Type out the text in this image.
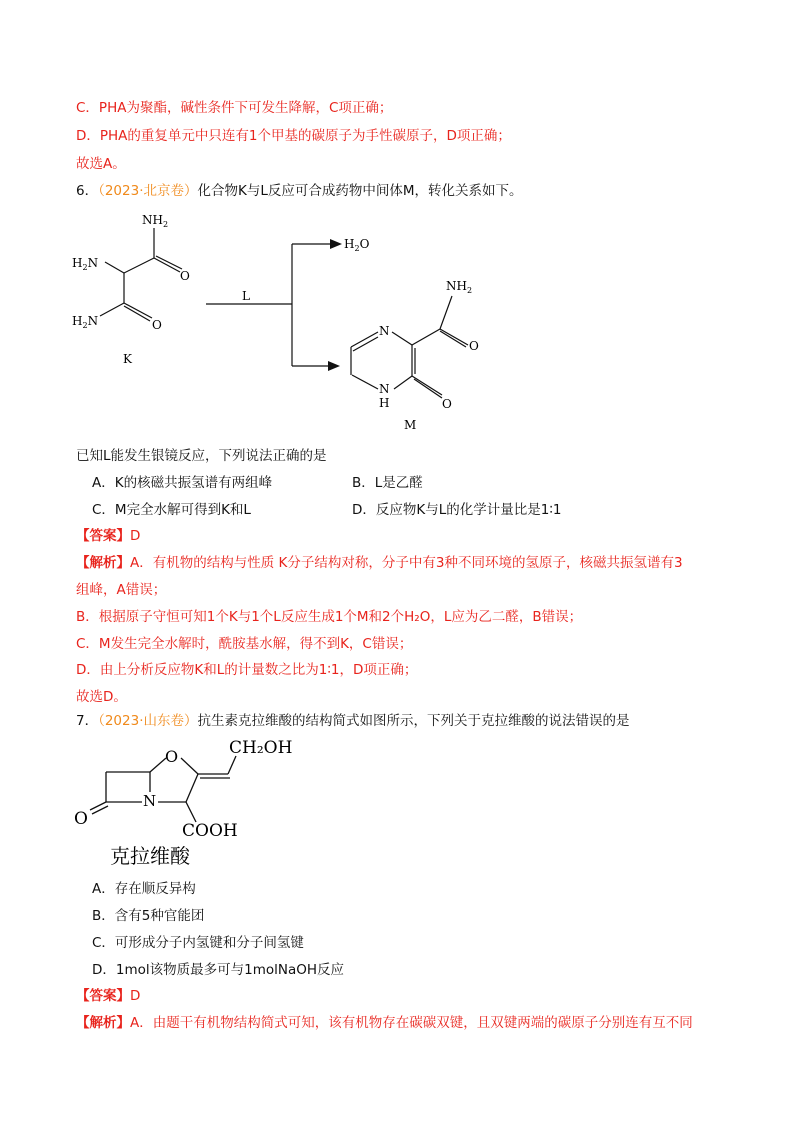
C．PHA为聚酯，碱性条件下可发生降解，C项正确；
D．PHA的重复单元中只连有1个甲基的碳原子为手性碳原子，D项正确；
故选A。
6．（2023·北京卷）化合物K与L反应可合成药物中间体M，转化关系如下。
$NH_2$
$H_2N$
O
$H_2N$	O
K
L
$H_2O$
$NH_2$
N
O
O
N
H
M
已知L能发生银镜反应，下列说法正确的是
A．K的核磁共振氢谱有两组峰	B．L是乙醛
C．M完全水解可得到K和L	D．反应物K与L的化学计量比是1∶1
【答案】D
【解析】A．有机物的结构与性质 K分子结构对称，分子中有3种不同环境的氢原子，核磁共振氢谱有3
组峰，A错误；
B．根据原子守恒可知1个K与1个L反应生成1个M和2个H₂O，L应为乙二醛，B错误；
C．M发生完全水解时，酰胺基水解，得不到K，C错误；
D．由上分析反应物K和L的计量数之比为1∶1，D项正确；
故选D。
7．（2023·山东卷）抗生素克拉维酸的结构简式如图所示，下列关于克拉维酸的说法错误的是
O	CH₂OH
O
N
COOH
克拉维酸
A．存在顺反异构
B．含有5种官能团
C．可形成分子内氢键和分子间氢键
D．1mol该物质最多可与1molNaOH反应
【答案】D
【解析】A．由题干有机物结构简式可知，该有机物存在碳碳双键，且双键两端的碳原子分别连有互不同
